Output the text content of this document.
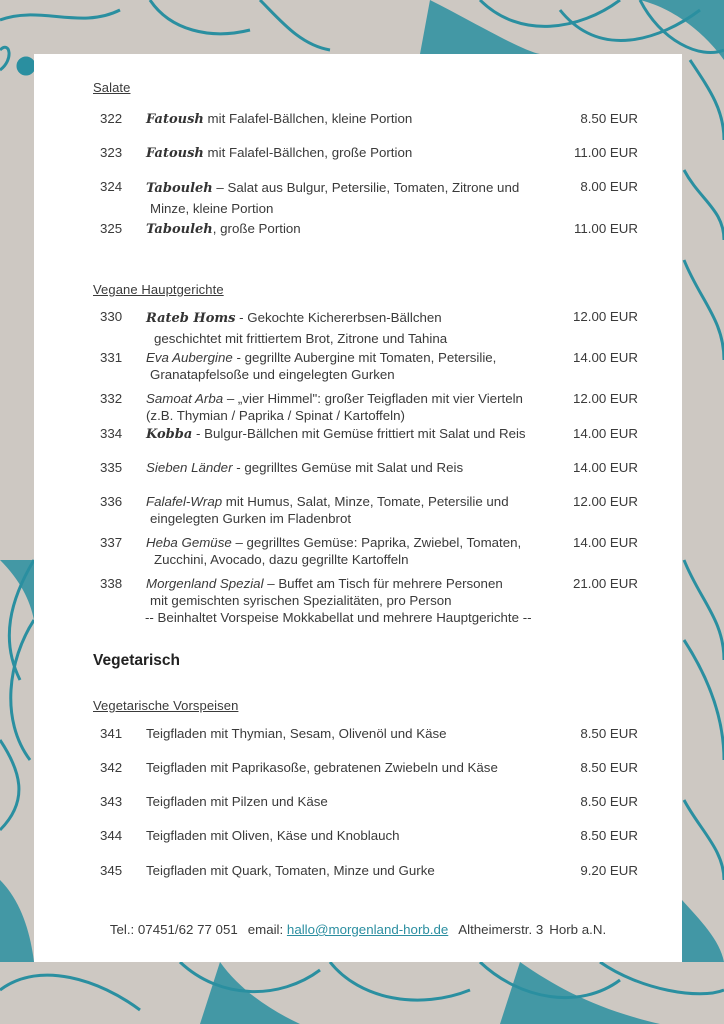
Salate
322 Fatoush mit Falafel-Bällchen, kleine Portion	8.50 EUR
323 Fatoush mit Falafel-Bällchen, große Portion	11.00 EUR
324 Tabouleh – Salat aus Bulgur, Petersilie, Tomaten, Zitrone und
Minze, kleine Portion
8.00 EUR
325 Tabouleh, große Portion	11.00 EUR
Vegane Hauptgerichte
330 Rateb Homs - Gekochte Kichererbsen-Bällchen
geschichtet mit frittiertem Brot, Zitrone und Tahina
12.00 EUR
331 Eva Aubergine - gegrillte Aubergine mit Tomaten, Petersilie,
Granatapfelsoße und eingelegten Gurken
14.00 EUR
332 Samoat Arba – „vier Himmel": großer Teigfladen mit vier Vierteln
(z.B. Thymian / Paprika / Spinat / Kartoffeln)
12.00 EUR
334 Kobba - Bulgur-Bällchen mit Gemüse frittiert mit Salat und Reis	14.00 EUR
335 Sieben Länder - gegrilltes Gemüse mit Salat und Reis	14.00 EUR
336 Falafel-Wrap mit Humus, Salat, Minze, Tomate, Petersilie und
eingelegten Gurken im Fladenbrot
12.00 EUR
337 Heba Gemüse – gegrilltes Gemüse: Paprika, Zwiebel, Tomaten,
Zucchini, Avocado, dazu gegrillte Kartoffeln
14.00 EUR
338 Morgenland Spezial – Buffet am Tisch für mehrere Personen
mit gemischten syrischen Spezialitäten, pro Person
-- Beinhaltet Vorspeise Mokkabellat und mehrere Hauptgerichte --
21.00 EUR
Vegetarisch
Vegetarische Vorspeisen
341 Teigfladen mit Thymian, Sesam, Olivenöl und Käse	8.50 EUR
342 Teigfladen mit Paprikasoße, gebratenen Zwiebeln und Käse	8.50 EUR
343 Teigfladen mit Pilzen und Käse	8.50 EUR
344 Teigfladen mit Oliven, Käse und Knoblauch	8.50 EUR
345 Teigfladen mit Quark, Tomaten, Minze und Gurke	9.20 EUR
Tel.: 07451/62 77 051 email: hallo@morgenland-horb.de Altheimerstr. 3 Horb a.N.
